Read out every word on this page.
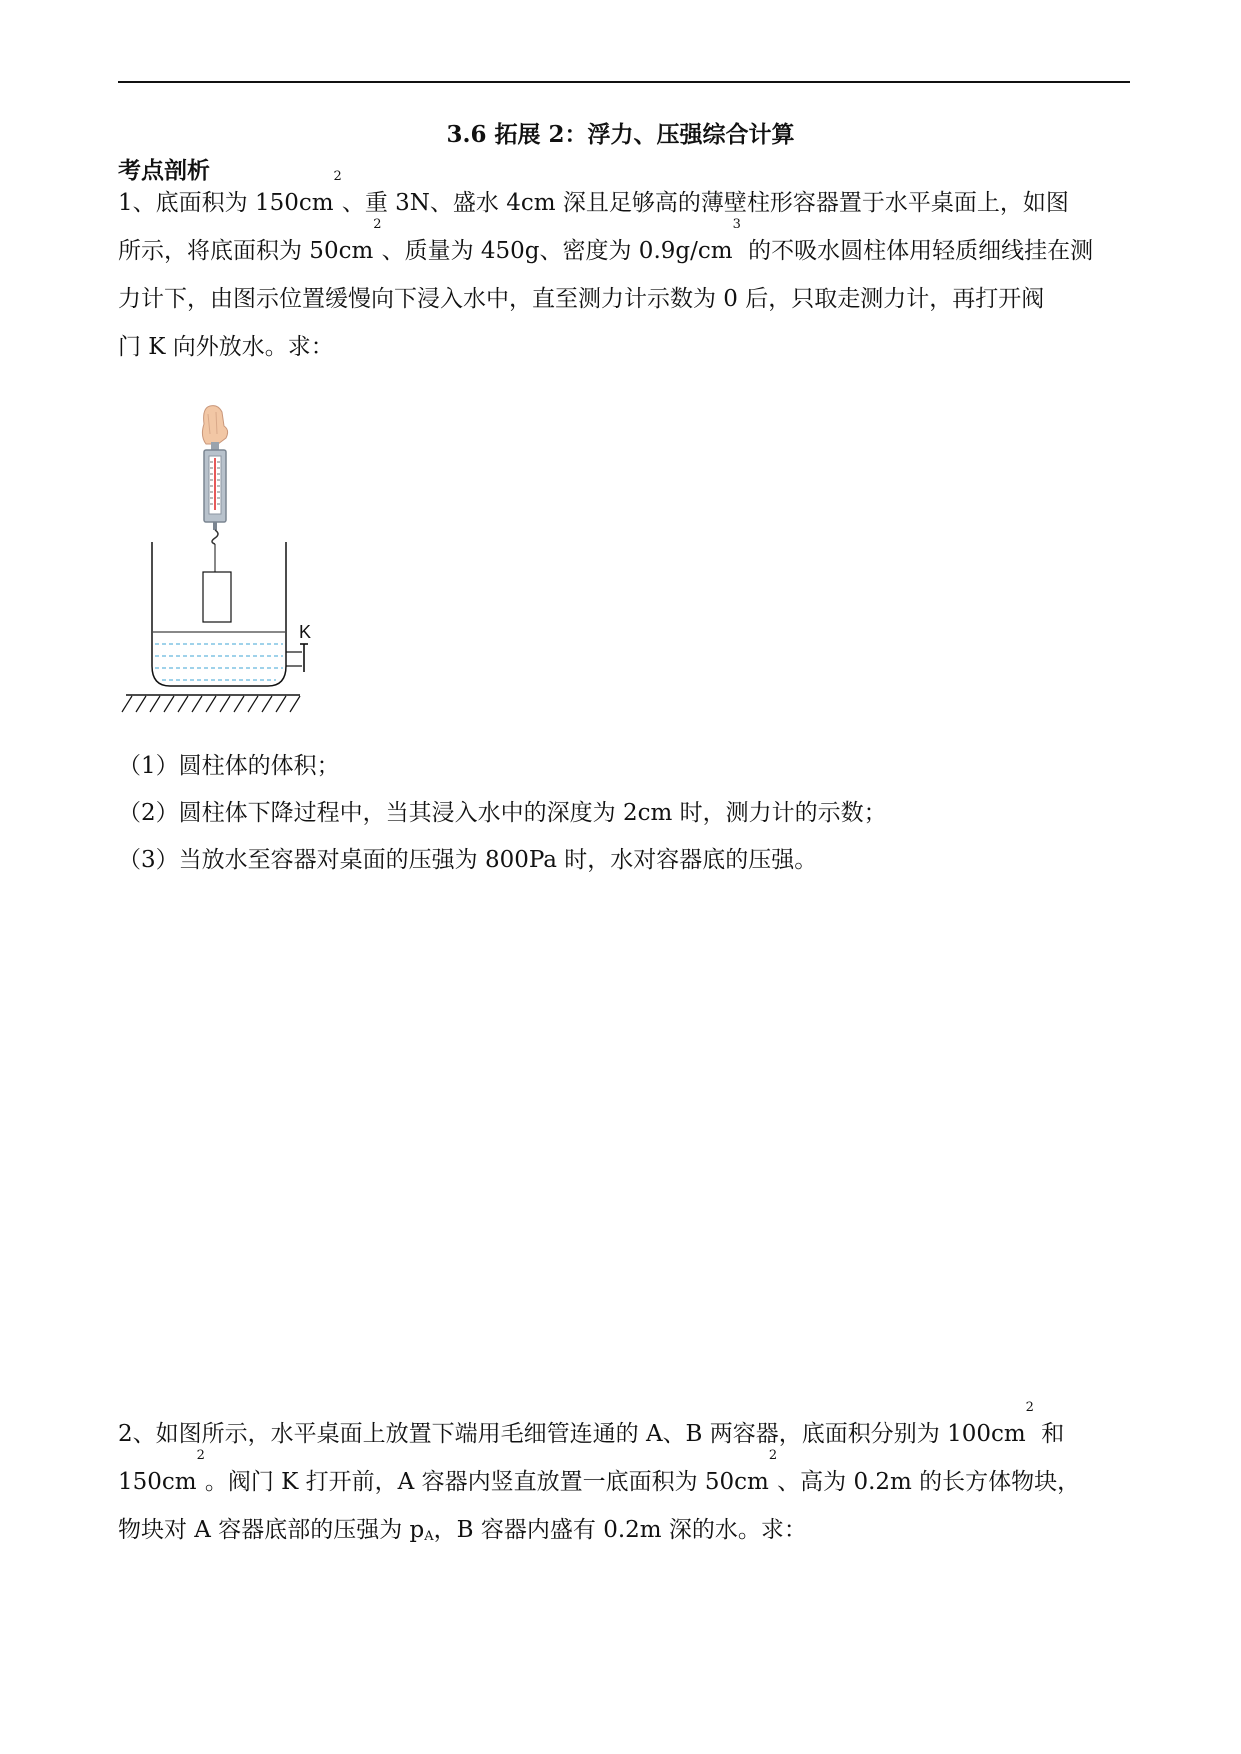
3.6 拓展 2：浮力、压强综合计算
考点剖析
1、底面积为 $150cm^2$、重 3N、盛水 4cm 深且足够高的薄壁柱形容器置于水平桌面上，如图
所示，将底面积为 $50cm^2$、质量为 450g、密度为 $0.9g/cm^3$ 的不吸水圆柱体用轻质细线挂在测
力计下，由图示位置缓慢向下浸入水中，直至测力计示数为 0 后，只取走测力计，再打开阀
门 K 向外放水。求：
K
（1）圆柱体的体积；
（2）圆柱体下降过程中，当其浸入水中的深度为 2cm 时，测力计的示数；
（3）当放水至容器对桌面的压强为 800Pa 时，水对容器底的压强。
2、如图所示，水平桌面上放置下端用毛细管连通的 A、B 两容器，底面积分别为 $100cm^2$ 和
$150cm^2$。阀门 K 打开前，A 容器内竖直放置一底面积为 $50cm^2$、高为 0.2m 的长方体物块，
物块对 A 容器底部的压强为 $p_A$，B 容器内盛有 0.2m 深的水。求：
